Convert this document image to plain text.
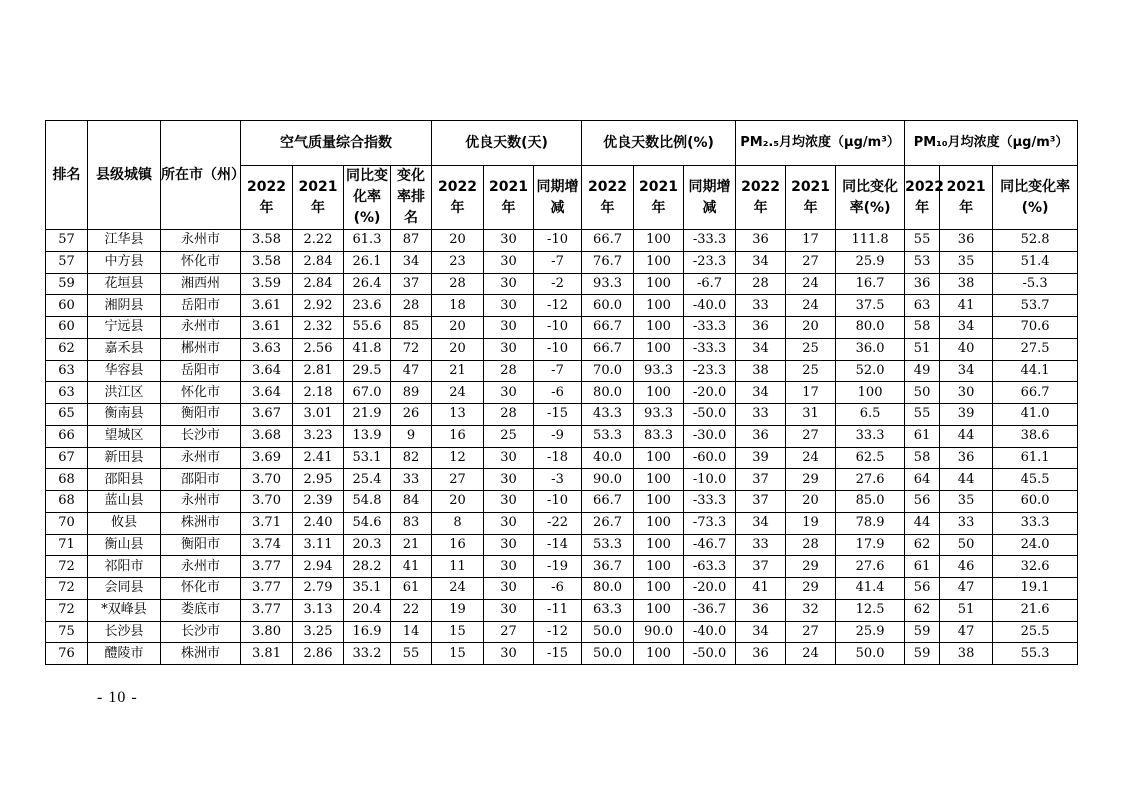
排名	县级城镇	所在市（州）	空气质量综合指数				优良天数(天)			优良天数比例(%)			PM₂.₅月均浓度（μg/m³）			PM₁₀月均浓度（μg/m³）		
			2022年	2021年	同比变化率(%)	变化率排名	2022年	2021年	同期增减	2022年	2021年	同期增减	2022年	2021年	同比变化率(%)	2022年	2021年	同比变化率(%)
57	江华县	永州市	3.58	2.22	61.3	87	20	30	-10	66.7	100	-33.3	36	17	111.8	55	36	52.8
57	中方县	怀化市	3.58	2.84	26.1	34	23	30	-7	76.7	100	-23.3	34	27	25.9	53	35	51.4
59	花垣县	湘西州	3.59	2.84	26.4	37	28	30	-2	93.3	100	-6.7	28	24	16.7	36	38	-5.3
60	湘阴县	岳阳市	3.61	2.92	23.6	28	18	30	-12	60.0	100	-40.0	33	24	37.5	63	41	53.7
60	宁远县	永州市	3.61	2.32	55.6	85	20	30	-10	66.7	100	-33.3	36	20	80.0	58	34	70.6
62	嘉禾县	郴州市	3.63	2.56	41.8	72	20	30	-10	66.7	100	-33.3	34	25	36.0	51	40	27.5
63	华容县	岳阳市	3.64	2.81	29.5	47	21	28	-7	70.0	93.3	-23.3	38	25	52.0	49	34	44.1
63	洪江区	怀化市	3.64	2.18	67.0	89	24	30	-6	80.0	100	-20.0	34	17	100	50	30	66.7
65	衡南县	衡阳市	3.67	3.01	21.9	26	13	28	-15	43.3	93.3	-50.0	33	31	6.5	55	39	41.0
66	望城区	长沙市	3.68	3.23	13.9	9	16	25	-9	53.3	83.3	-30.0	36	27	33.3	61	44	38.6
67	新田县	永州市	3.69	2.41	53.1	82	12	30	-18	40.0	100	-60.0	39	24	62.5	58	36	61.1
68	邵阳县	邵阳市	3.70	2.95	25.4	33	27	30	-3	90.0	100	-10.0	37	29	27.6	64	44	45.5
68	蓝山县	永州市	3.70	2.39	54.8	84	20	30	-10	66.7	100	-33.3	37	20	85.0	56	35	60.0
70	攸县	株洲市	3.71	2.40	54.6	83	8	30	-22	26.7	100	-73.3	34	19	78.9	44	33	33.3
71	衡山县	衡阳市	3.74	3.11	20.3	21	16	30	-14	53.3	100	-46.7	33	28	17.9	62	50	24.0
72	祁阳市	永州市	3.77	2.94	28.2	41	11	30	-19	36.7	100	-63.3	37	29	27.6	61	46	32.6
72	会同县	怀化市	3.77	2.79	35.1	61	24	30	-6	80.0	100	-20.0	41	29	41.4	56	47	19.1
72	*双峰县	娄底市	3.77	3.13	20.4	22	19	30	-11	63.3	100	-36.7	36	32	12.5	62	51	21.6
75	长沙县	长沙市	3.80	3.25	16.9	14	15	27	-12	50.0	90.0	-40.0	34	27	25.9	59	47	25.5
76	醴陵市	株洲市	3.81	2.86	33.2	55	15	30	-15	50.0	100	-50.0	36	24	50.0	59	38	55.3
- 10 -
